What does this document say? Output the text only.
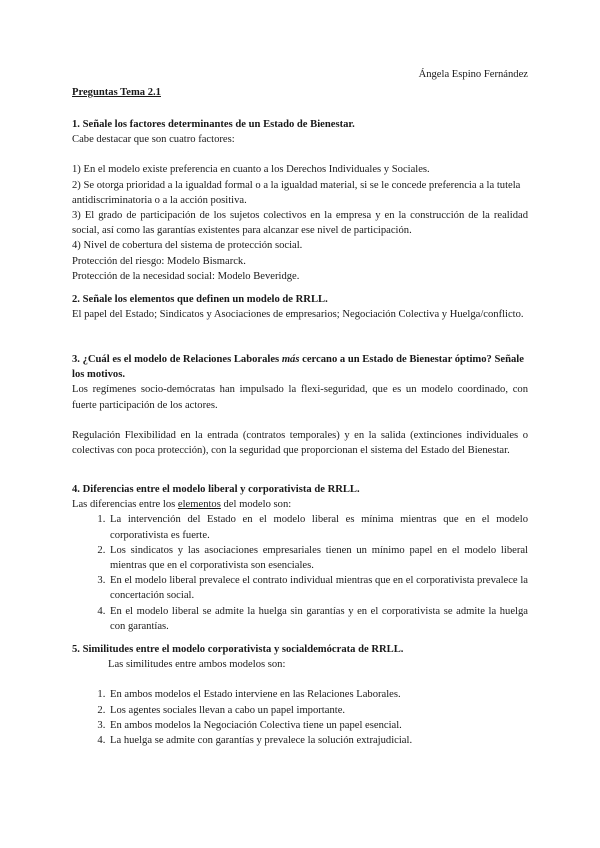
Ángela Espino Fernández
Preguntas Tema 2.1

1. Señale los factores determinantes de un Estado de Bienestar.

Cabe destacar que son cuatro factores:

1) En el modelo existe preferencia en cuanto a los Derechos Individuales y Sociales.

2) Se otorga prioridad a la igualdad formal o a la igualdad material, si se le concede preferencia a la tutela antidiscriminatoria o a la acción positiva.

3) El grado de participación de los sujetos colectivos en la empresa y en la construcción de la realidad social, así como las garantías existentes para alcanzar ese nivel de participación.

4) Nivel de cobertura del sistema de protección social.

Protección del riesgo: Modelo Bismarck.

Protección de la necesidad social: Modelo Beveridge.

2. Señale los elementos que definen un modelo de RRLL.

El papel del Estado; Sindicatos y Asociaciones de empresarios; Negociación Colectiva y Huelga/conflicto.

3. ¿Cuál es el modelo de Relaciones Laborales más cercano a un Estado de Bienestar óptimo? Señale los motivos.

Los regímenes socio-demócratas han impulsado la flexi-seguridad, que es un modelo coordinado, con fuerte participación de los actores.

Regulación Flexibilidad en la entrada (contratos temporales) y en la salida (extinciones individuales o colectivas con poca protección), con la seguridad que proporcionan el sistema del Estado del Bienestar.

4. Diferencias entre el modelo liberal y corporativista de RRLL.

Las diferencias entre los elementos del modelo son:

1. La intervención del Estado en el modelo liberal es mínima mientras que en el modelo corporativista es fuerte.
2. Los sindicatos y las asociaciones empresariales tienen un mínimo papel en el modelo liberal mientras que en el corporativista son esenciales.
3. En el modelo liberal prevalece el contrato individual mientras que en el corporativista prevalece la concertación social.
4. En el modelo liberal se admite la huelga sin garantías y en el corporativista se admite la huelga con garantías.

5. Similitudes entre el modelo corporativista y socialdemócrata de RRLL.

Las similitudes entre ambos modelos son:

1. En ambos modelos el Estado interviene en las Relaciones Laborales.
2. Los agentes sociales llevan a cabo un papel importante.
3. En ambos modelos la Negociación Colectiva tiene un papel esencial.
4. La huelga se admite con garantías y prevalece la solución extrajudicial.
